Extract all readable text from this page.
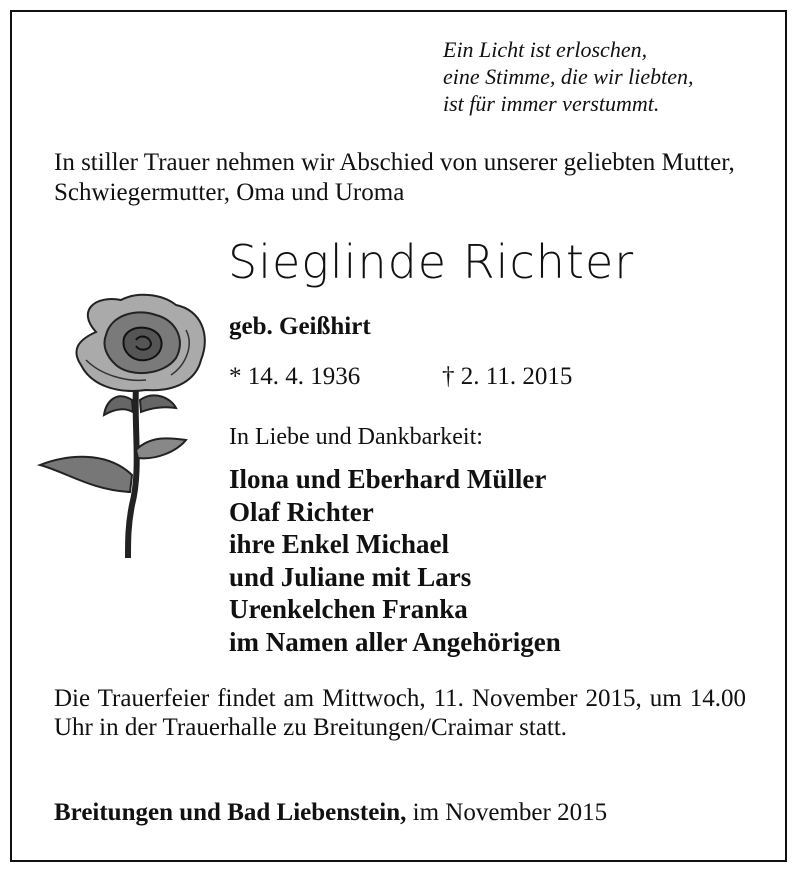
Ein Licht ist erloschen,
eine Stimme, die wir liebten,
ist für immer verstummt.
In stiller Trauer nehmen wir Abschied von unserer geliebten Mutter, Schwiegermutter, Oma und Uroma
Sieglinde Richter
geb. Geißhirt
* 14. 4. 1936	† 2. 11. 2015
In Liebe und Dankbarkeit:
Ilona und Eberhard Müller
Olaf Richter
ihre Enkel Michael
und Juliane mit Lars
Urenkelchen Franka
im Namen aller Angehörigen
Die Trauerfeier findet am Mittwoch, 11. November 2015, um 14.00 Uhr in der Trauerhalle zu Breitungen/Craimar statt.
Breitungen und Bad Liebenstein, im November 2015
